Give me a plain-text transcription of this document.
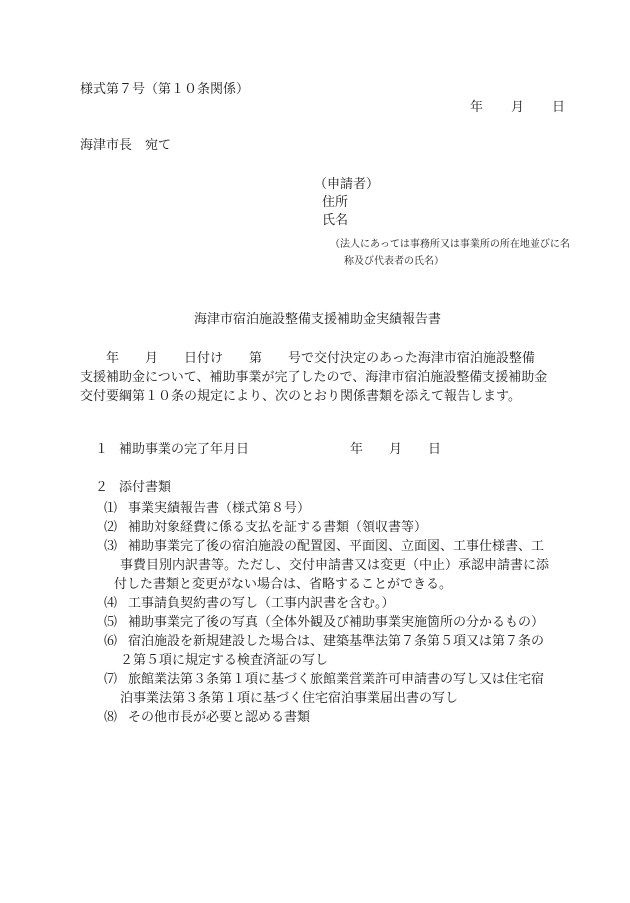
様式第７号（第１０条関係）
年 月 日
海津市長　宛て
（申請者）
住所
氏名
（法人にあっては事務所又は事業所の所在地並びに名
称及び代表者の氏名）
海津市宿泊施設整備支援補助金実績報告書
　　年　　月　　日付け　　第　　号で交付決定のあった海津市宿泊施設整備
支援補助金について、補助事業が完了したので、海津市宿泊施設整備支援補助金
交付要綱第１０条の規定により、次のとおり関係書類を添えて報告します。
１ 補助事業の完了年月日	年　　月　　日
２ 添付書類
⑴ 事業実績報告書（様式第８号）
⑵ 補助対象経費に係る支払を証する書類（領収書等）
⑶ 補助事業完了後の宿泊施設の配置図、平面図、立面図、工事仕様書、工
事費目別内訳書等。ただし、交付申請書又は変更（中止）承認申請書に添
付した書類と変更がない場合は、省略することができる。
⑷ 工事請負契約書の写し（工事内訳書を含む。）
⑸ 補助事業完了後の写真（全体外観及び補助事業実施箇所の分かるもの）
⑹ 宿泊施設を新規建設した場合は、建築基準法第７条第５項又は第７条の
２第５項に規定する検査済証の写し
⑺ 旅館業法第３条第１項に基づく旅館業営業許可申請書の写し又は住宅宿
泊事業法第３条第１項に基づく住宅宿泊事業届出書の写し
⑻ その他市長が必要と認める書類
